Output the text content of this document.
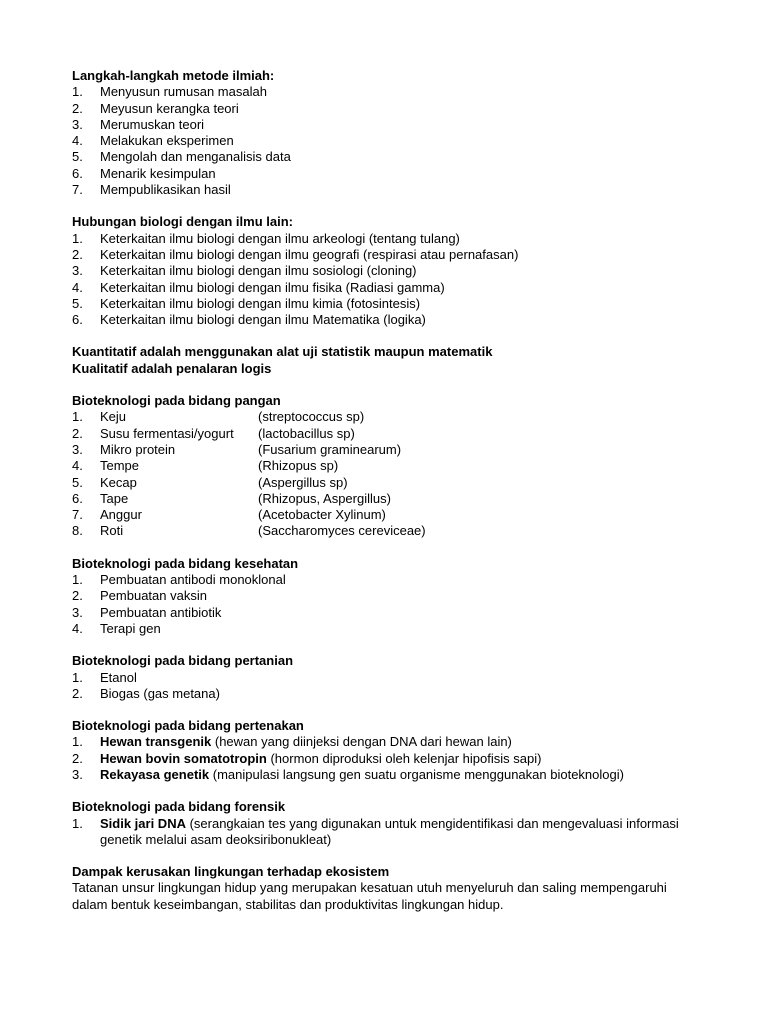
Langkah-langkah metode ilmiah:
1.	Menyusun rumusan masalah
2.	Meyusun kerangka teori
3.	Merumuskan teori
4.	Melakukan eksperimen
5.	Mengolah dan menganalisis data
6.	Menarik kesimpulan
7.	Mempublikasikan hasil
Hubungan biologi dengan ilmu lain:
1.	Keterkaitan ilmu biologi dengan ilmu arkeologi (tentang tulang)
2.	Keterkaitan ilmu biologi dengan ilmu geografi (respirasi atau pernafasan)
3.	Keterkaitan ilmu biologi dengan ilmu sosiologi (cloning)
4.	Keterkaitan ilmu biologi dengan ilmu fisika (Radiasi gamma)
5.	Keterkaitan ilmu biologi dengan ilmu kimia (fotosintesis)
6.	Keterkaitan ilmu biologi dengan ilmu Matematika (logika)
Kuantitatif adalah menggunakan alat uji statistik maupun matematik
Kualitatif adalah penalaran logis
Bioteknologi pada bidang pangan
1.	Keju	(streptococcus sp)
2.	Susu fermentasi/yogurt	(lactobacillus sp)
3.	Mikro protein	(Fusarium graminearum)
4.	Tempe	(Rhizopus sp)
5.	Kecap	(Aspergillus sp)
6.	Tape	(Rhizopus, Aspergillus)
7.	Anggur	(Acetobacter Xylinum)
8.	Roti	(Saccharomyces cereviceae)
Bioteknologi pada bidang kesehatan
1.	Pembuatan antibodi monoklonal
2.	Pembuatan vaksin
3.	Pembuatan antibiotik
4.	Terapi gen
Bioteknologi pada bidang pertanian
1.	Etanol
2.	Biogas (gas metana)
Bioteknologi pada bidang pertenakan
1.	Hewan transgenik (hewan yang diinjeksi dengan DNA dari hewan lain)
2.	Hewan bovin somatotropin (hormon diproduksi oleh kelenjar hipofisis sapi)
3.	Rekayasa genetik (manipulasi langsung gen suatu organisme menggunakan bioteknologi)
Bioteknologi pada bidang forensik
1.	Sidik jari DNA (serangkaian tes yang digunakan untuk mengidentifikasi dan mengevaluasi informasi genetik melalui asam deoksiribonukleat)
Dampak kerusakan lingkungan terhadap ekosistem
Tatanan unsur lingkungan hidup yang merupakan kesatuan utuh menyeluruh dan saling mempengaruhi dalam bentuk keseimbangan, stabilitas dan produktivitas lingkungan hidup.
